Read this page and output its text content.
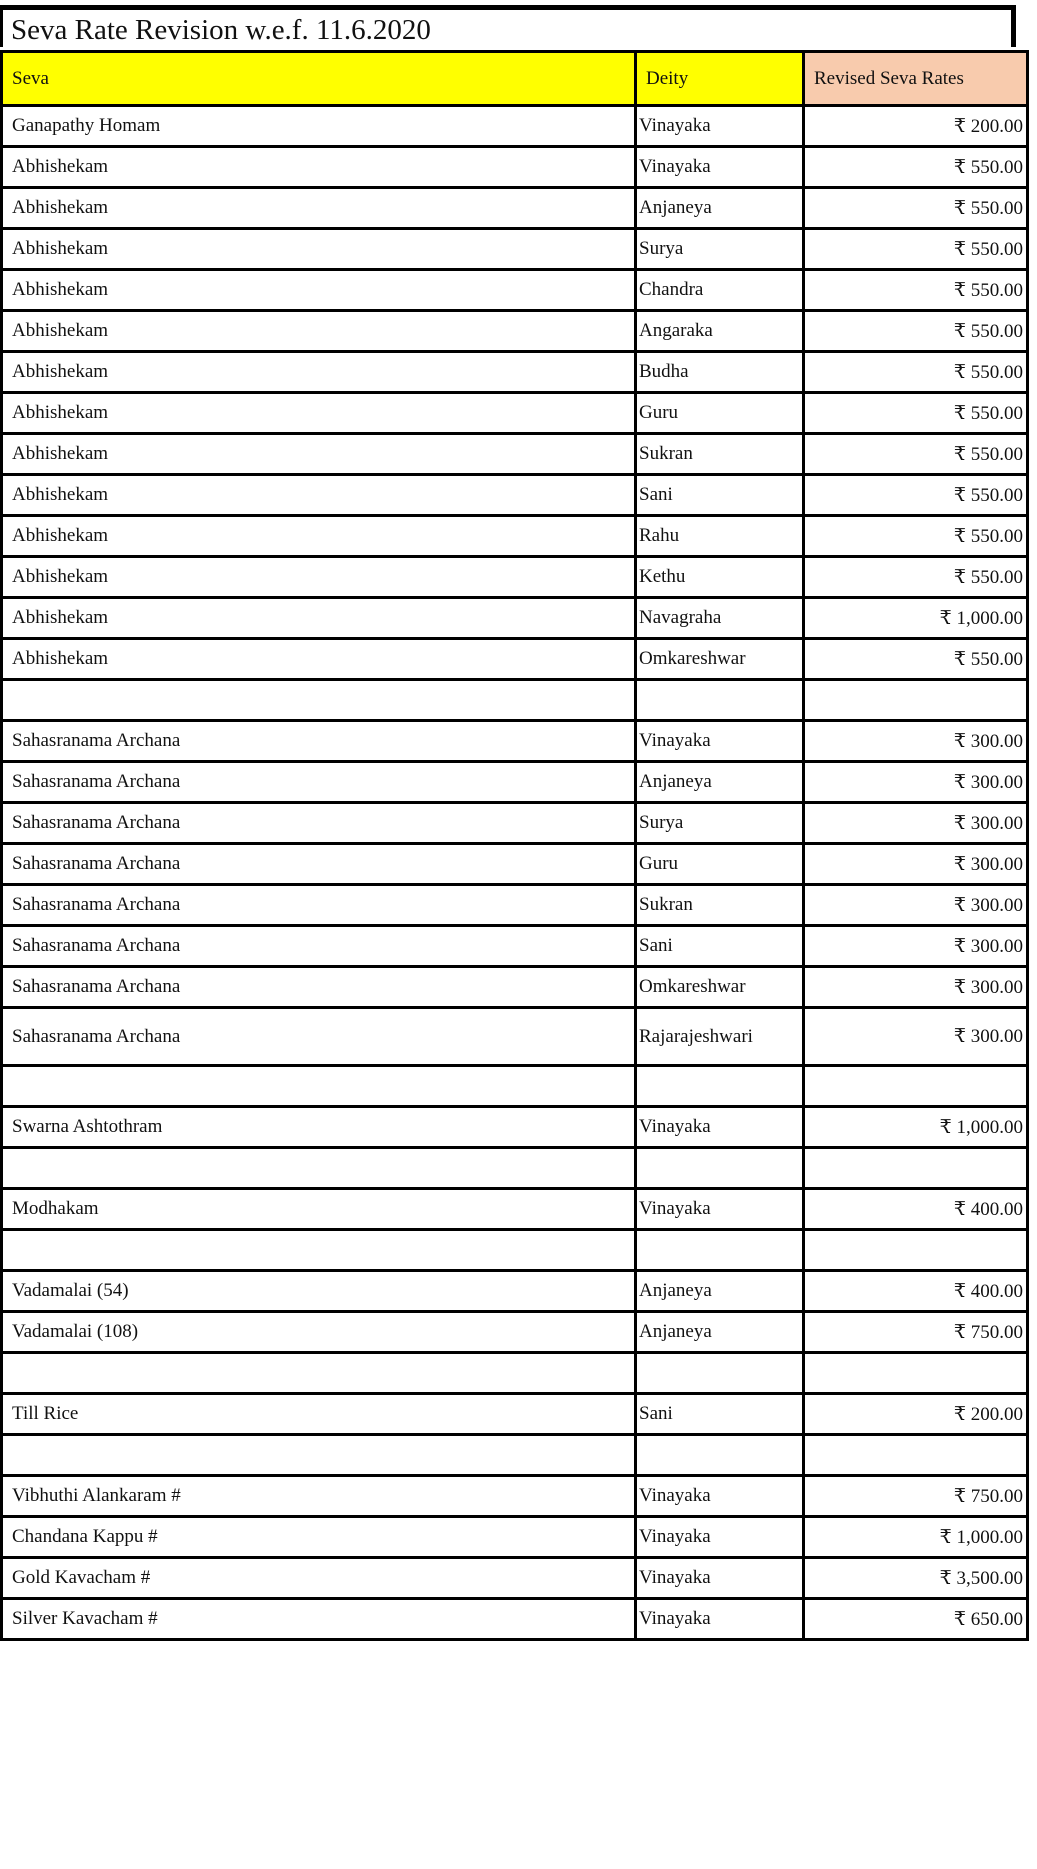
Seva Rate Revision w.e.f. 11.6.2020
Seva	Deity	Revised Seva Rates
Ganapathy Homam	Vinayaka	₹ 200.00
Abhishekam	Vinayaka	₹ 550.00
Abhishekam	Anjaneya	₹ 550.00
Abhishekam	Surya	₹ 550.00
Abhishekam	Chandra	₹ 550.00
Abhishekam	Angaraka	₹ 550.00
Abhishekam	Budha	₹ 550.00
Abhishekam	Guru	₹ 550.00
Abhishekam	Sukran	₹ 550.00
Abhishekam	Sani	₹ 550.00
Abhishekam	Rahu	₹ 550.00
Abhishekam	Kethu	₹ 550.00
Abhishekam	Navagraha	₹ 1,000.00
Abhishekam	Omkareshwar	₹ 550.00

Sahasranama Archana	Vinayaka	₹ 300.00
Sahasranama Archana	Anjaneya	₹ 300.00
Sahasranama Archana	Surya	₹ 300.00
Sahasranama Archana	Guru	₹ 300.00
Sahasranama Archana	Sukran	₹ 300.00
Sahasranama Archana	Sani	₹ 300.00
Sahasranama Archana	Omkareshwar	₹ 300.00
Sahasranama Archana	Rajarajeshwari	₹ 300.00

Swarna Ashtothram	Vinayaka	₹ 1,000.00

Modhakam	Vinayaka	₹ 400.00

Vadamalai (54)	Anjaneya	₹ 400.00
Vadamalai (108)	Anjaneya	₹ 750.00

Till Rice	Sani	₹ 200.00

Vibhuthi Alankaram #	Vinayaka	₹ 750.00
Chandana Kappu #	Vinayaka	₹ 1,000.00
Gold Kavacham #	Vinayaka	₹ 3,500.00
Silver Kavacham #	Vinayaka	₹ 650.00
